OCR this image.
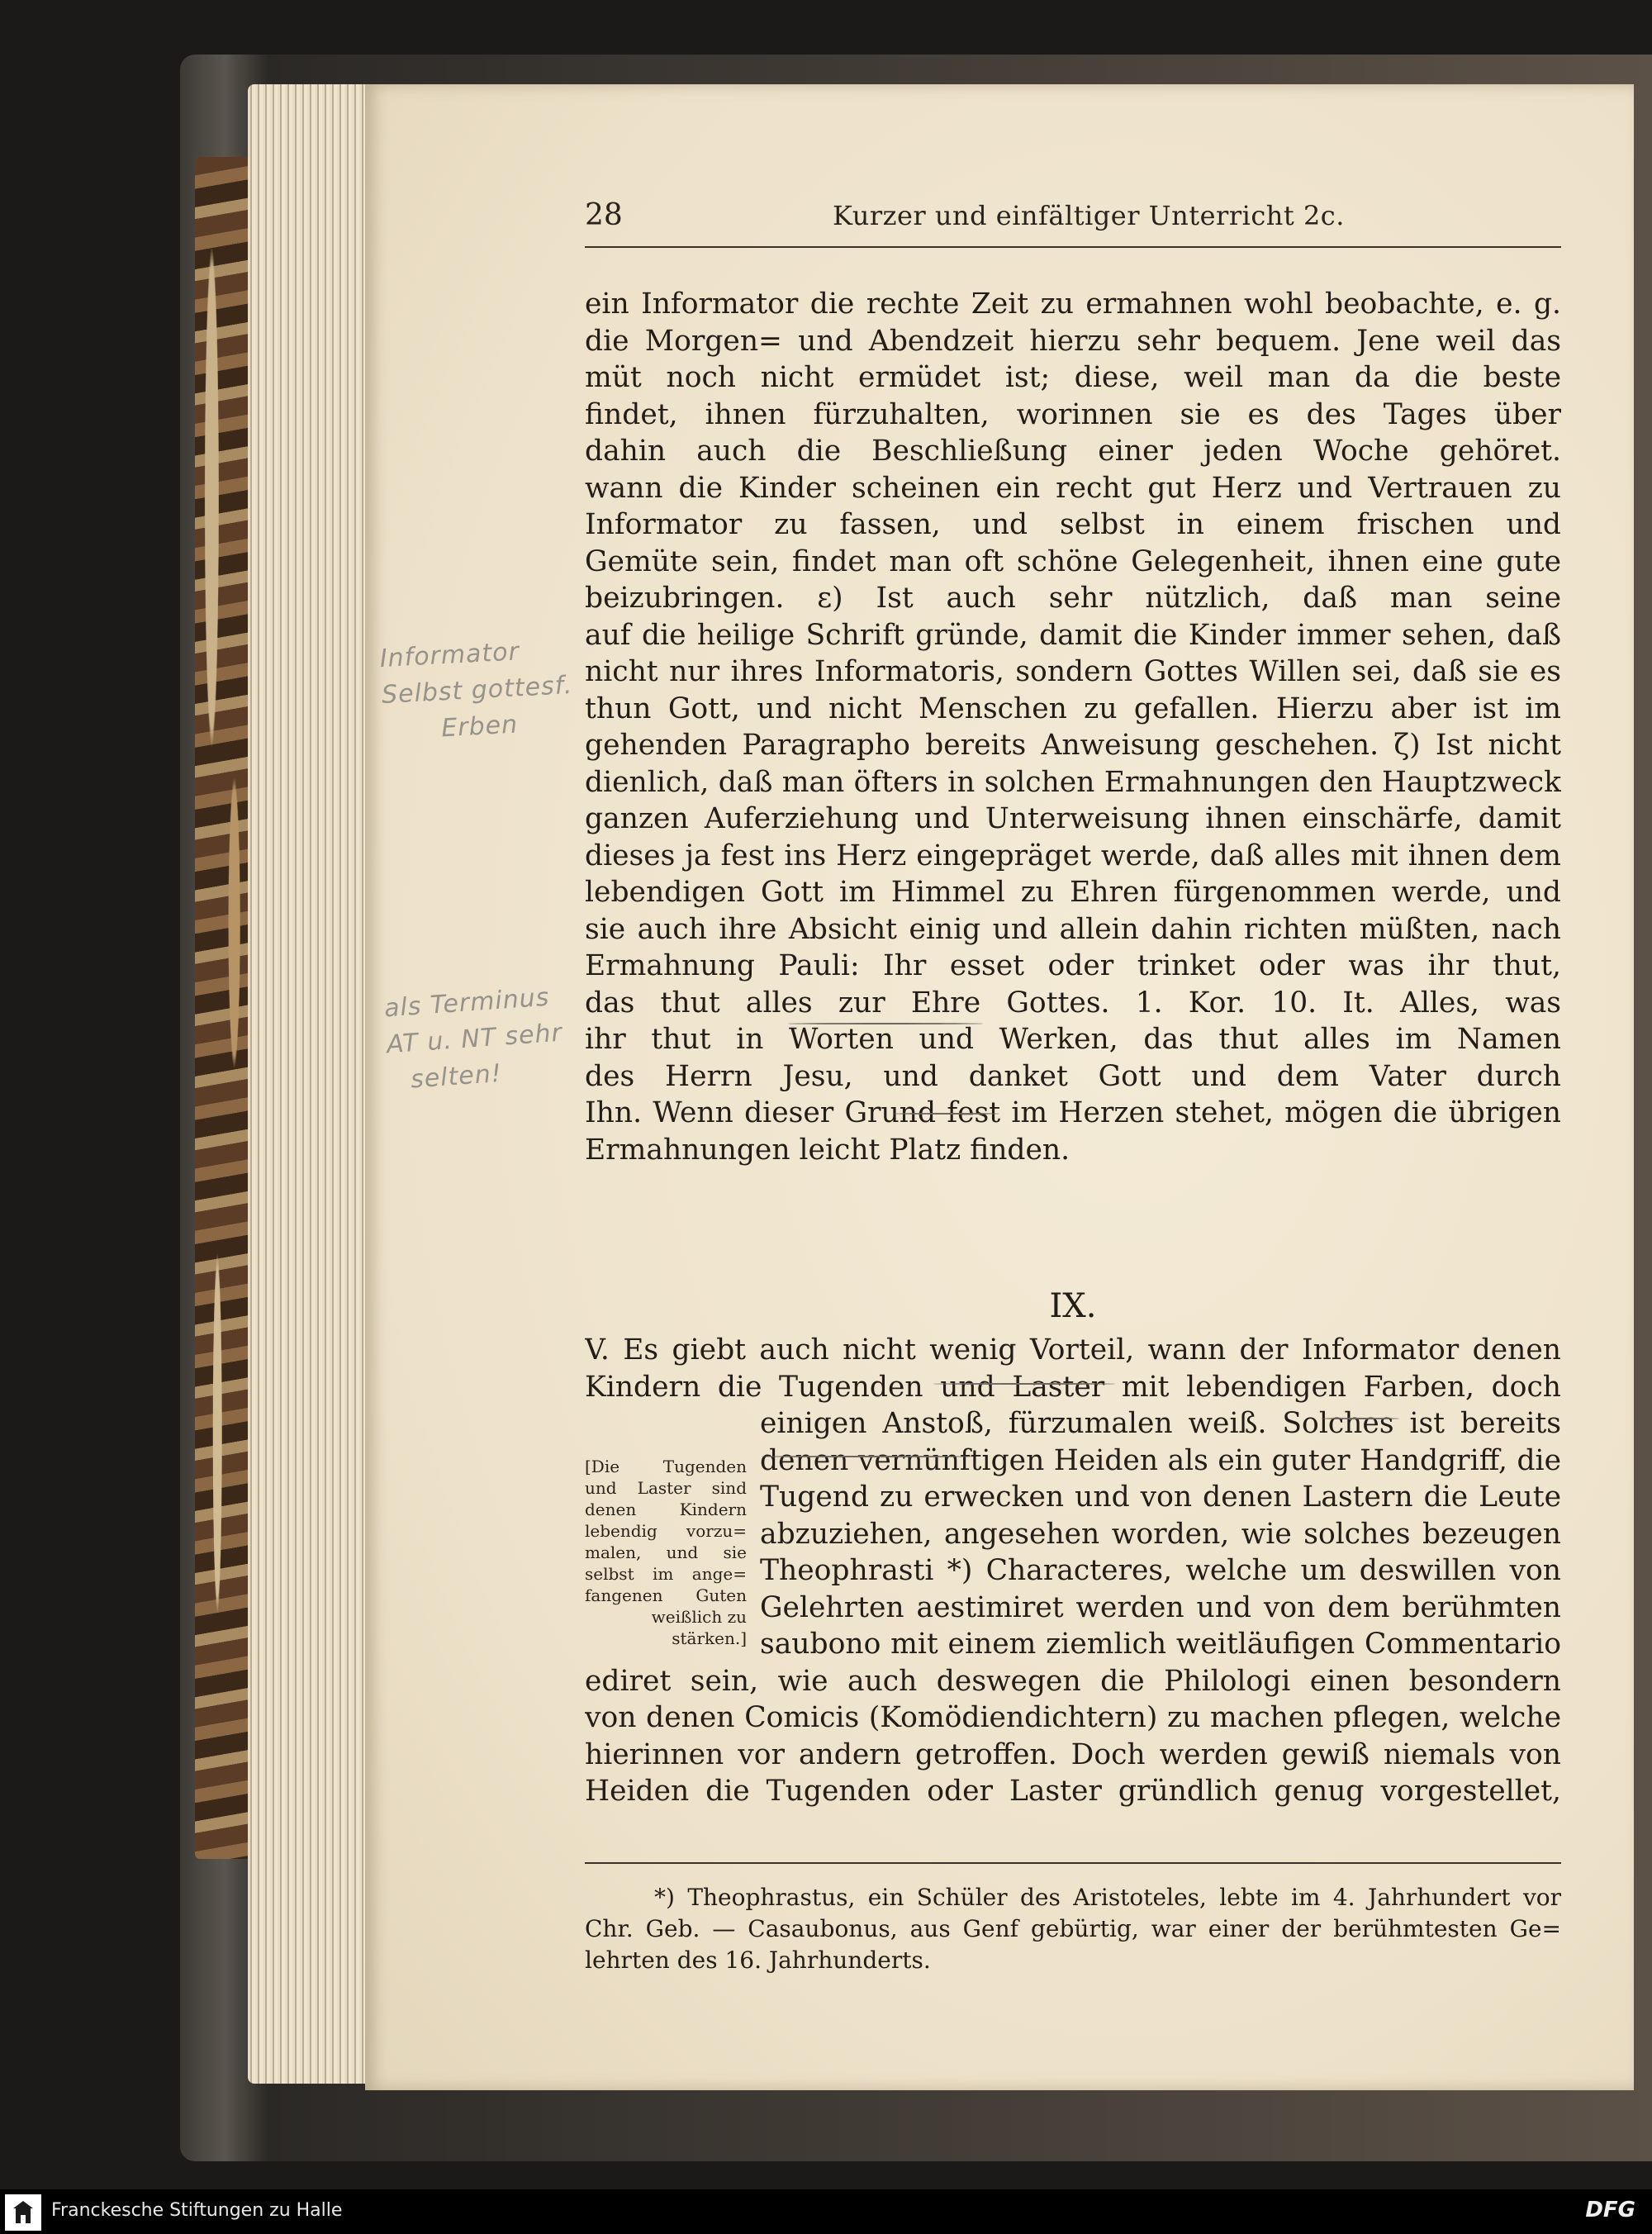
28	Kurzer und einfältiger Unterricht 2c.
ein Informator die rechte Zeit zu ermahnen wohl beobachte, e. g.
die Morgen= und Abendzeit hierzu sehr bequem. Jene weil das
müt noch nicht ermüdet ist; diese, weil man da die beste
findet, ihnen fürzuhalten, worinnen sie es des Tages über
dahin auch die Beschließung einer jeden Woche gehöret.
wann die Kinder scheinen ein recht gut Herz und Vertrauen zu
Informator zu fassen, und selbst in einem frischen und
Gemüte sein, findet man oft schöne Gelegenheit, ihnen eine gute
beizubringen. ε) Ist auch sehr nützlich, daß man seine
auf die heilige Schrift gründe, damit die Kinder immer sehen, daß
nicht nur ihres Informatoris, sondern Gottes Willen sei, daß sie es
thun Gott, und nicht Menschen zu gefallen. Hierzu aber ist im
gehenden Paragrapho bereits Anweisung geschehen. ζ) Ist nicht
dienlich, daß man öfters in solchen Ermahnungen den Hauptzweck
ganzen Auferziehung und Unterweisung ihnen einschärfe, damit
dieses ja fest ins Herz eingepräget werde, daß alles mit ihnen dem
lebendigen Gott im Himmel zu Ehren fürgenommen werde, und
sie auch ihre Absicht einig und allein dahin richten müßten, nach
Ermahnung Pauli: Ihr esset oder trinket oder was ihr thut,
das thut alles zur Ehre Gottes. 1. Kor. 10. It. Alles, was
ihr thut in Worten und Werken, das thut alles im Namen
des Herrn Jesu, und danket Gott und dem Vater durch
Ihn. Wenn dieser Grund fest im Herzen stehet, mögen die übrigen
Ermahnungen leicht Platz finden.
IX.
V. Es giebt auch nicht wenig Vorteil, wann der Informator denen
Kindern die Tugenden und Laster mit lebendigen Farben, doch
einigen Anstoß, fürzumalen weiß. Solches ist bereits
denen vernünftigen Heiden als ein guter Handgriff, die
Tugend zu erwecken und von denen Lastern die Leute
abzuziehen, angesehen worden, wie solches bezeugen
Theophrasti *) Characteres, welche um deswillen von
Gelehrten aestimiret werden und von dem berühmten
saubono mit einem ziemlich weitläufigen Commentario
ediret sein, wie auch deswegen die Philologi einen besondern
von denen Comicis (Komödiendichtern) zu machen pflegen, welche
hierinnen vor andern getroffen. Doch werden gewiß niemals von
Heiden die Tugenden oder Laster gründlich genug vorgestellet,
[Die Tugenden
und Laster sind
denen Kindern
lebendig vorzu=
malen, und sie
selbst im ange=
fangenen Guten
weißlich zu
stärken.]
*) Theophrastus, ein Schüler des Aristoteles, lebte im 4. Jahrhundert vor
Chr. Geb. — Casaubonus, aus Genf gebürtig, war einer der berühmtesten Ge=
lehrten des 16. Jahrhunderts.
Informator
Selbst gottesf.
Erben
als Terminus
AT u. NT sehr
selten!
Franckesche Stiftungen zu Halle	DFG
